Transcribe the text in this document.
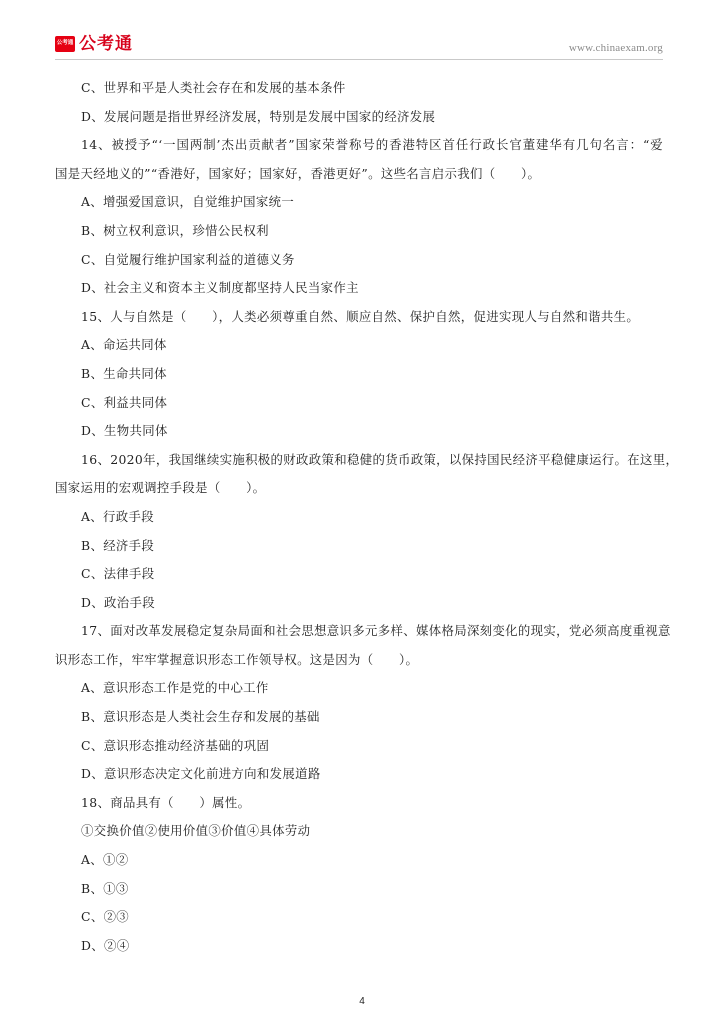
公考通 公考通	www.chinaexam.org
C、世界和平是人类社会存在和发展的基本条件
D、发展问题是指世界经济发展，特别是发展中国家的经济发展
14、被授予“‘一国两制’杰出贡献者”国家荣誉称号的香港特区首任行政长官董建华有几句名言：“爱
国是天经地义的”“香港好，国家好；国家好，香港更好”。这些名言启示我们（　　）。
A、增强爱国意识，自觉维护国家统一
B、树立权利意识，珍惜公民权利
C、自觉履行维护国家利益的道德义务
D、社会主义和资本主义制度都坚持人民当家作主
15、人与自然是（　　），人类必须尊重自然、顺应自然、保护自然，促进实现人与自然和谐共生。
A、命运共同体
B、生命共同体
C、利益共同体
D、生物共同体
16、2020年，我国继续实施积极的财政政策和稳健的货币政策，以保持国民经济平稳健康运行。在这里，
国家运用的宏观调控手段是（　　）。
A、行政手段
B、经济手段
C、法律手段
D、政治手段
17、面对改革发展稳定复杂局面和社会思想意识多元多样、媒体格局深刻变化的现实，党必须高度重视意
识形态工作，牢牢掌握意识形态工作领导权。这是因为（　　）。
A、意识形态工作是党的中心工作
B、意识形态是人类社会生存和发展的基础
C、意识形态推动经济基础的巩固
D、意识形态决定文化前进方向和发展道路
18、商品具有（　　）属性。
①交换价值②使用价值③价值④具体劳动
A、①②
B、①③
C、②③
D、②④
4
